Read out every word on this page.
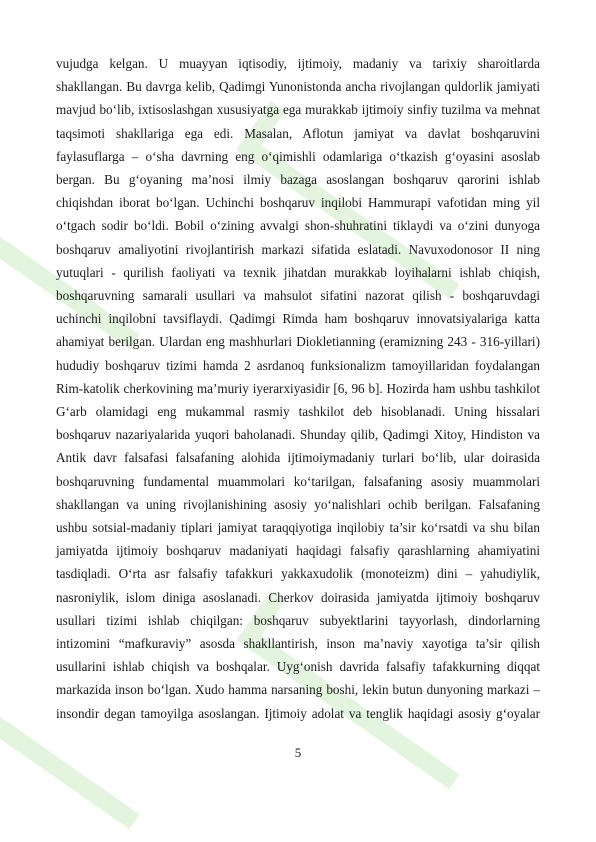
vujudga kelgan. U muayyan iqtisodiy, ijtimoiy, madaniy va tarixiy sharoitlarda
shakllangan. Bu davrga kelib, Qadimgi Yunonistonda ancha rivojlangan quldorlik jamiyati
mavjud bo‘lib, ixtisoslashgan xususiyatga ega murakkab ijtimoiy sinfiy tuzilma va mehnat
taqsimoti shakllariga ega edi. Masalan, Aflotun jamiyat va davlat boshqaruvini
faylasuflarga – o‘sha davrning eng o‘qimishli odamlariga o‘tkazish g‘oyasini asoslab
bergan. Bu g‘oyaning ma’nosi ilmiy bazaga asoslangan boshqaruv qarorini ishlab
chiqishdan iborat bo‘lgan. Uchinchi boshqaruv inqilobi Hammurapi vafotidan ming yil
o‘tgach sodir bo‘ldi. Bobil o‘zining avvalgi shon-shuhratini tiklaydi va o‘zini dunyoga
boshqaruv amaliyotini rivojlantirish markazi sifatida eslatadi. Navuxodonosor II ning
yutuqlari - qurilish faoliyati va texnik jihatdan murakkab loyihalarni ishlab chiqish,
boshqaruvning samarali usullari va mahsulot sifatini nazorat qilish - boshqaruvdagi
uchinchi inqilobni tavsiflaydi. Qadimgi Rimda ham boshqaruv innovatsiyalariga katta
ahamiyat berilgan. Ulardan eng mashhurlari Diokletianning (eramizning 243 - 316-yillari)
hududiy boshqaruv tizimi hamda 2 asrdanoq funksionalizm tamoyillaridan foydalangan
Rim-katolik cherkovining ma’muriy iyerarxiyasidir [6, 96 b]. Hozirda ham ushbu tashkilot
G‘arb olamidagi eng mukammal rasmiy tashkilot deb hisoblanadi. Uning hissalari
boshqaruv nazariyalarida yuqori baholanadi. Shunday qilib, Qadimgi Xitoy, Hindiston va
Antik davr falsafasi falsafaning alohida ijtimoiymadaniy turlari bo‘lib, ular doirasida
boshqaruvning fundamental muammolari ko‘tarilgan, falsafaning asosiy muammolari
shakllangan va uning rivojlanishining asosiy yo‘nalishlari ochib berilgan. Falsafaning
ushbu sotsial-madaniy tiplari jamiyat taraqqiyotiga inqilobiy ta’sir ko‘rsatdi va shu bilan
jamiyatda ijtimoiy boshqaruv madaniyati haqidagi falsafiy qarashlarning ahamiyatini
tasdiqladi. O‘rta asr falsafiy tafakkuri yakkaxudolik (monoteizm) dini – yahudiylik,
nasroniylik, islom diniga asoslanadi. Cherkov doirasida jamiyatda ijtimoiy boshqaruv
usullari tizimi ishlab chiqilgan: boshqaruv subyektlarini tayyorlash, dindorlarning
intizomini “mafkuraviy” asosda shakllantirish, inson ma’naviy xayotiga ta’sir qilish
usullarini ishlab chiqish va boshqalar. Uyg‘onish davrida falsafiy tafakkurning diqqat
markazida inson bo‘lgan. Xudo hamma narsaning boshi, lekin butun dunyoning markazi –
insondir degan tamoyilga asoslangan. Ijtimoiy adolat va tenglik haqidagi asosiy g‘oyalar
5
